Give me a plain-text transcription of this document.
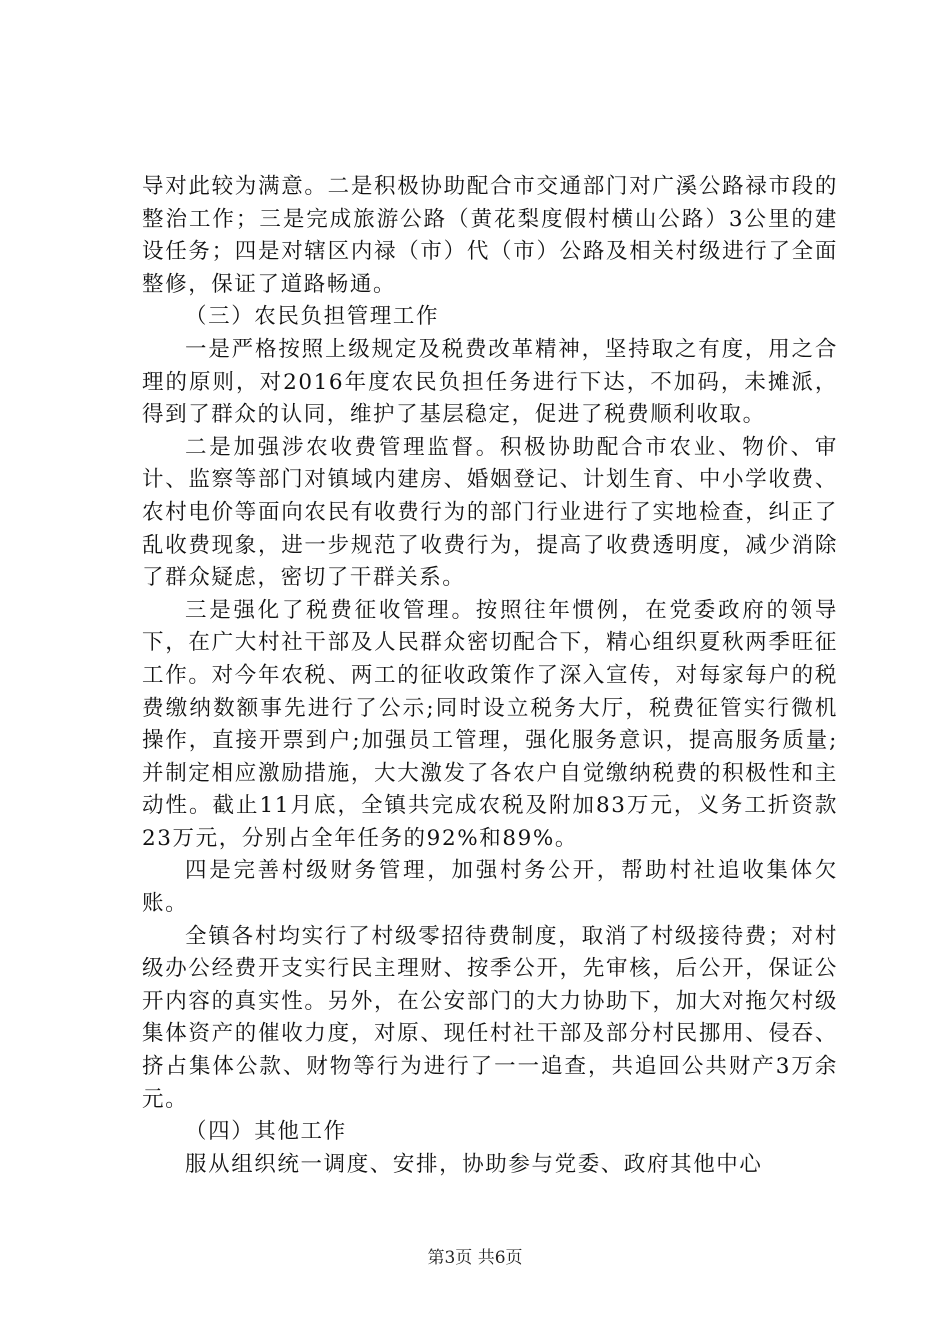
导对此较为满意。二是积极协助配合市交通部门对广溪公路禄市段的整治工作；三是完成旅游公路（黄花梨度假村横山公路）3公里的建设任务；四是对辖区内禄（市）代（市）公路及相关村级进行了全面整修，保证了道路畅通。

（三）农民负担管理工作

一是严格按照上级规定及税费改革精神，坚持取之有度，用之合理的原则，对2016年度农民负担任务进行下达，不加码，未摊派，得到了群众的认同，维护了基层稳定，促进了税费顺利收取。

二是加强涉农收费管理监督。积极协助配合市农业、物价、审计、监察等部门对镇域内建房、婚姻登记、计划生育、中小学收费、农村电价等面向农民有收费行为的部门行业进行了实地检查，纠正了乱收费现象，进一步规范了收费行为，提高了收费透明度，减少消除了群众疑虑，密切了干群关系。

三是强化了税费征收管理。按照往年惯例，在党委政府的领导下，在广大村社干部及人民群众密切配合下，精心组织夏秋两季旺征工作。对今年农税、两工的征收政策作了深入宣传，对每家每户的税费缴纳数额事先进行了公示;同时设立税务大厅，税费征管实行微机操作，直接开票到户;加强员工管理，强化服务意识，提高服务质量;并制定相应激励措施，大大激发了各农户自觉缴纳税费的积极性和主动性。截止11月底，全镇共完成农税及附加83万元，义务工折资款23万元，分别占全年任务的92%和89%。

四是完善村级财务管理，加强村务公开，帮助村社追收集体欠账。

全镇各村均实行了村级零招待费制度，取消了村级接待费；对村级办公经费开支实行民主理财、按季公开，先审核，后公开，保证公开内容的真实性。另外，在公安部门的大力协助下，加大对拖欠村级集体资产的催收力度，对原、现任村社干部及部分村民挪用、侵吞、挤占集体公款、财物等行为进行了一一追查，共追回公共财产3万余元。

（四）其他工作

服从组织统一调度、安排，协助参与党委、政府其他中心

第3页 共6页
